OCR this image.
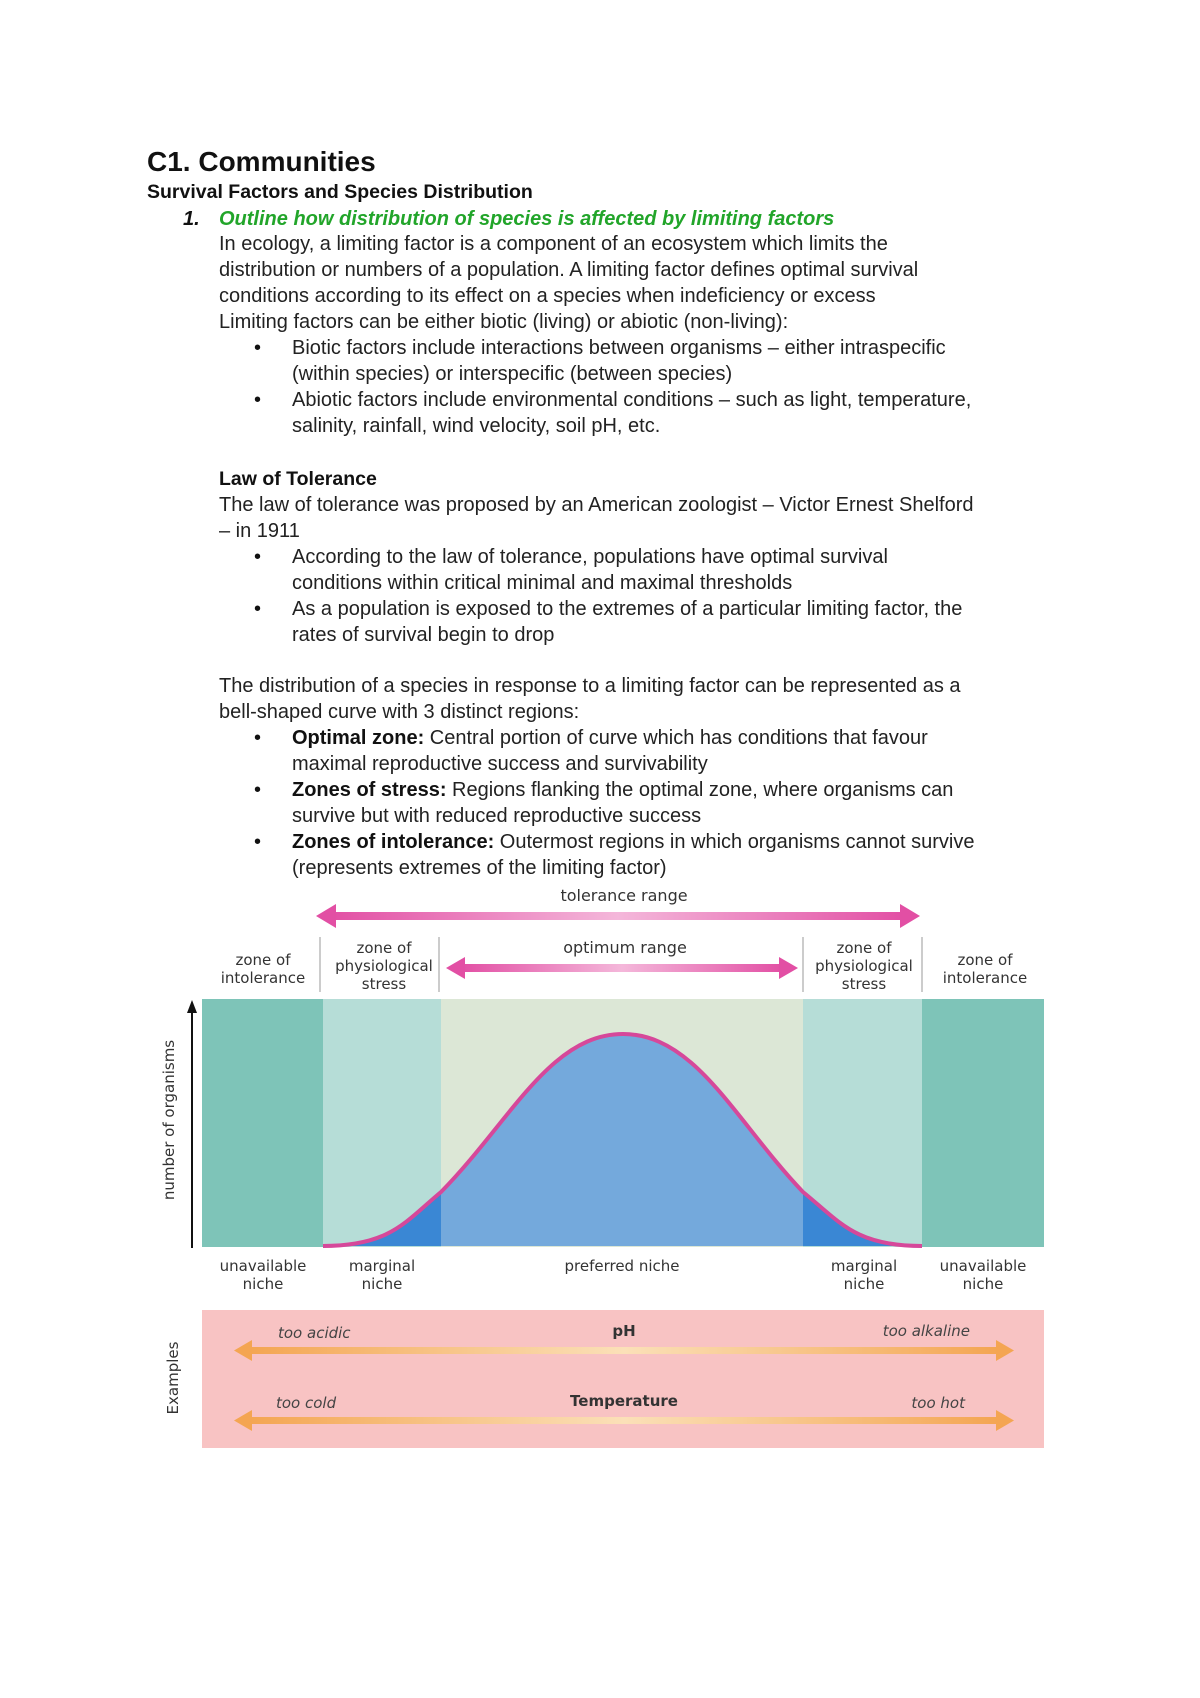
C1. Communities
Survival Factors and Species Distribution
1. Outline how distribution of species is affected by limiting factors
In ecology, a limiting factor is a component of an ecosystem which limits the
distribution or numbers of a population. A limiting factor defines optimal survival
conditions according to its effect on a species when indeficiency or excess
Limiting factors can be either biotic (living) or abiotic (non-living):
• Biotic factors include interactions between organisms – either intraspecific
(within species) or interspecific (between species)
• Abiotic factors include environmental conditions – such as light, temperature,
salinity, rainfall, wind velocity, soil pH, etc.
Law of Tolerance
The law of tolerance was proposed by an American zoologist – Victor Ernest Shelford
– in 1911
• According to the law of tolerance, populations have optimal survival
conditions within critical minimal and maximal thresholds
• As a population is exposed to the extremes of a particular limiting factor, the
rates of survival begin to drop
The distribution of a species in response to a limiting factor can be represented as a
bell-shaped curve with 3 distinct regions:
• Optimal zone: Central portion of curve which has conditions that favour
maximal reproductive success and survivability
• Zones of stress: Regions flanking the optimal zone, where organisms can
survive but with reduced reproductive success
• Zones of intolerance: Outermost regions in which organisms cannot survive
(represents extremes of the limiting factor)
tolerance range
optimum range
zone of
intolerance
zone of
physiological
stress
zone of
physiological
stress
zone of
intolerance
number of organisms
unavailable
niche
marginal
niche
preferred niche	marginal
niche
unavailable
niche
Examples
too acidic	pH	too alkaline
too cold	Temperature	too hot
